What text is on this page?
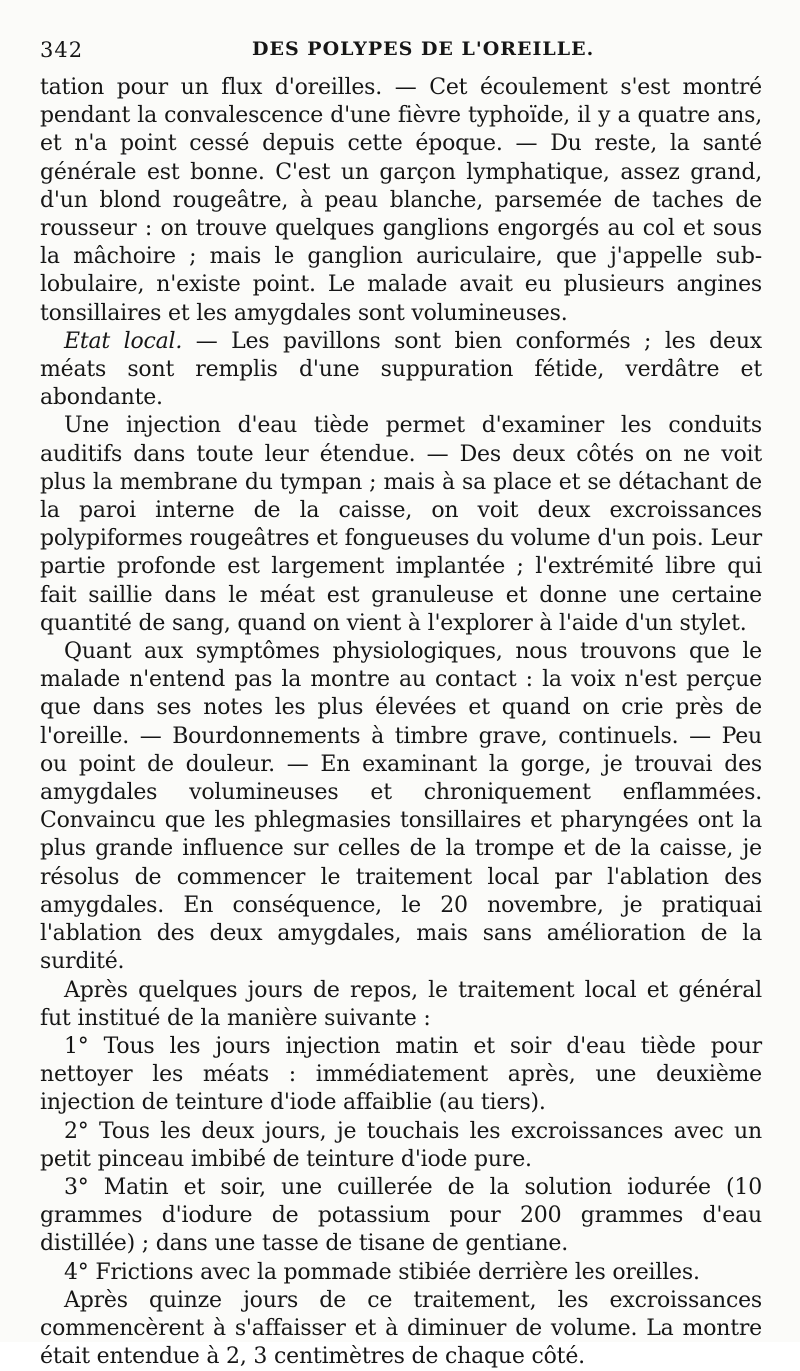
342	DES POLYPES DE L'OREILLE.

tation pour un flux d'oreilles. — Cet écoulement s'est montré pendant la convalescence d'une fièvre typhoïde, il y a quatre ans, et n'a point cessé depuis cette époque. — Du reste, la santé générale est bonne. C'est un garçon lymphatique, assez grand, d'un blond rougeâtre, à peau blanche, parsemée de taches de rousseur : on trouve quelques ganglions engorgés au col et sous la mâchoire ; mais le ganglion auriculaire, que j'appelle sub-lobulaire, n'existe point. Le malade avait eu plusieurs angines tonsillaires et les amygdales sont volumineuses.

Etat local. — Les pavillons sont bien conformés ; les deux méats sont remplis d'une suppuration fétide, verdâtre et abondante.

Une injection d'eau tiède permet d'examiner les conduits auditifs dans toute leur étendue. — Des deux côtés on ne voit plus la membrane du tympan ; mais à sa place et se détachant de la paroi interne de la caisse, on voit deux excroissances polypiformes rougeâtres et fongueuses du volume d'un pois. Leur partie profonde est largement implantée ; l'extrémité libre qui fait saillie dans le méat est granuleuse et donne une certaine quantité de sang, quand on vient à l'explorer à l'aide d'un stylet.

Quant aux symptômes physiologiques, nous trouvons que le malade n'entend pas la montre au contact : la voix n'est perçue que dans ses notes les plus élevées et quand on crie près de l'oreille. — Bourdonnements à timbre grave, continuels. — Peu ou point de douleur. — En examinant la gorge, je trouvai des amygdales volumineuses et chroniquement enflammées. Convaincu que les phlegmasies tonsillaires et pharyngées ont la plus grande influence sur celles de la trompe et de la caisse, je résolus de commencer le traitement local par l'ablation des amygdales. En conséquence, le 20 novembre, je pratiquai l'ablation des deux amygdales, mais sans amélioration de la surdité.

Après quelques jours de repos, le traitement local et général fut institué de la manière suivante :

1° Tous les jours injection matin et soir d'eau tiède pour nettoyer les méats : immédiatement après, une deuxième injection de teinture d'iode affaiblie (au tiers).

2° Tous les deux jours, je touchais les excroissances avec un petit pinceau imbibé de teinture d'iode pure.

3° Matin et soir, une cuillerée de la solution iodurée (10 grammes d'iodure de potassium pour 200 grammes d'eau distillée) ; dans une tasse de tisane de gentiane.

4° Frictions avec la pommade stibiée derrière les oreilles.

Après quinze jours de ce traitement, les excroissances commencèrent à s'affaisser et à diminuer de volume. La montre était entendue à 2, 3 centimètres de chaque côté.
